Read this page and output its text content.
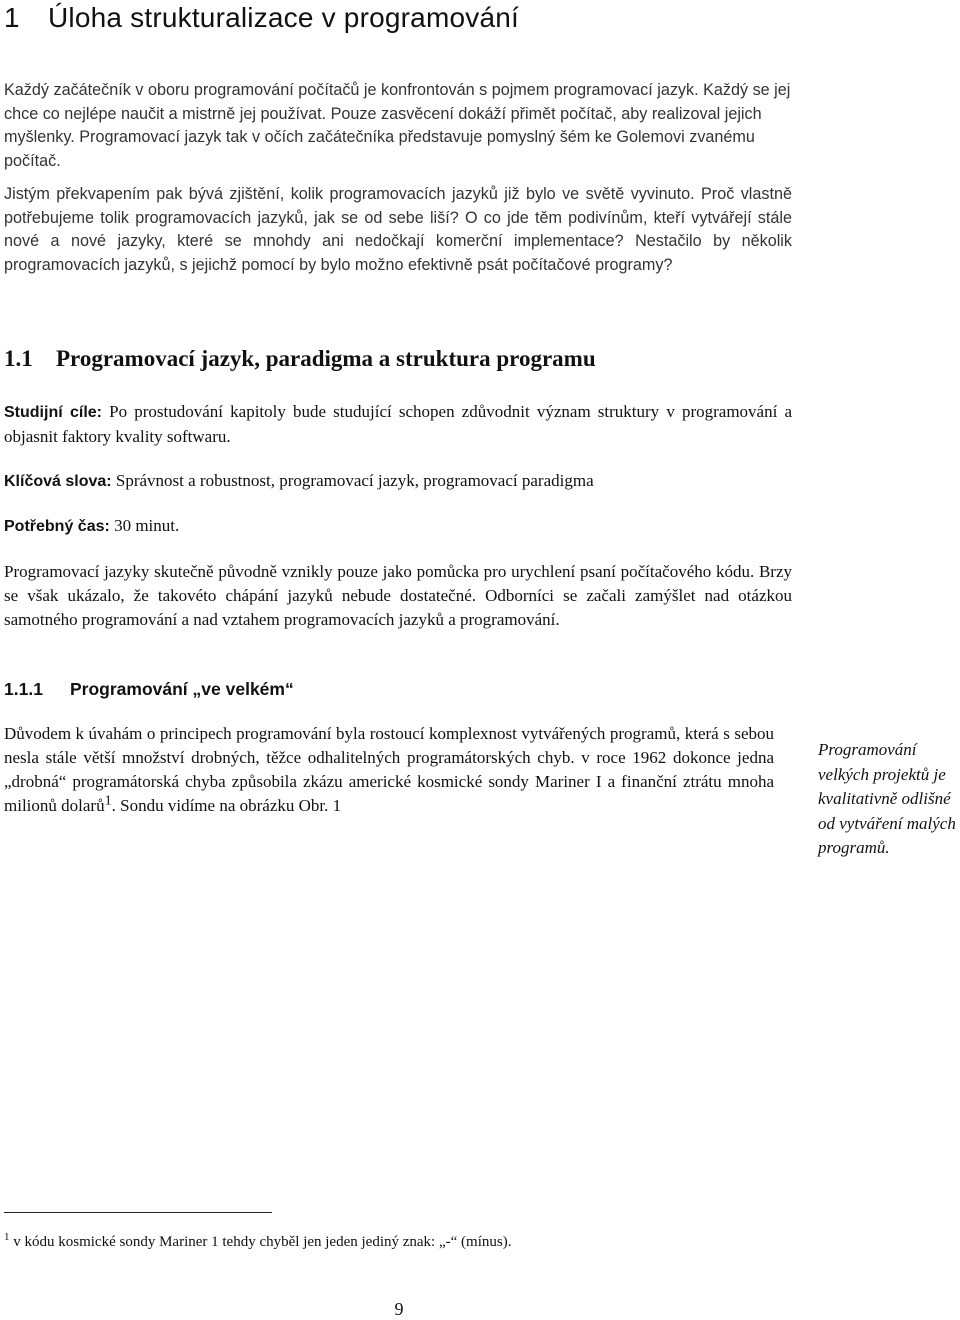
1 Úloha strukturalizace v programování

Každý začátečník v oboru programování počítačů je konfrontován s pojmem programovací jazyk. Každý se jej chce co nejlépe naučit a mistrně jej používat. Pouze zasvěcení dokáží přimět počítač, aby realizoval jejich myšlenky. Programovací jazyk tak v očích začátečníka představuje pomyslný šém ke Golemovi zvanému počítač.

Jistým překvapením pak bývá zjištění, kolik programovacích jazyků již bylo ve světě vyvinuto. Proč vlastně potřebujeme tolik programovacích jazyků, jak se od sebe liší? O co jde těm podivínům, kteří vytvářejí stále nové a nové jazyky, které se mnohdy ani nedočkají komerční implementace? Nestačilo by několik programovacích jazyků, s jejichž pomocí by bylo možno efektivně psát počítačové programy?

1.1 Programovací jazyk, paradigma a struktura programu

Studijní cíle: Po prostudování kapitoly bude studující schopen zdůvodnit význam struktury v programování a objasnit faktory kvality softwaru.

Klíčová slova: Správnost a robustnost, programovací jazyk, programovací paradigma

Potřebný čas: 30 minut.

Programovací jazyky skutečně původně vznikly pouze jako pomůcka pro urychlení psaní počítačového kódu. Brzy se však ukázalo, že takovéto chápání jazyků nebude dostatečné. Odborníci se začali zamýšlet nad otázkou samotného programování a nad vztahem programovacích jazyků a programování.

1.1.1 Programování „ve velkém“

Důvodem k úvahám o principech programování byla rostoucí komplexnost vytvářených programů, která s sebou nesla stále větší množství drobných, těžce odhalitelných programátorských chyb. v roce 1962 dokonce jedna „drobná“ programátorská chyba způsobila zkázu americké kosmické sondy Mariner I a finanční ztrátu mnoha milionů dolarů$^1$. Sondu vidíme na obrázku Obr. 1

Programování velkých projektů je kvalitativně odlišné od vytváření malých programů.

$^1$ v kódu kosmické sondy Mariner 1 tehdy chyběl jen jeden jediný znak: „-“ (mínus).

9
